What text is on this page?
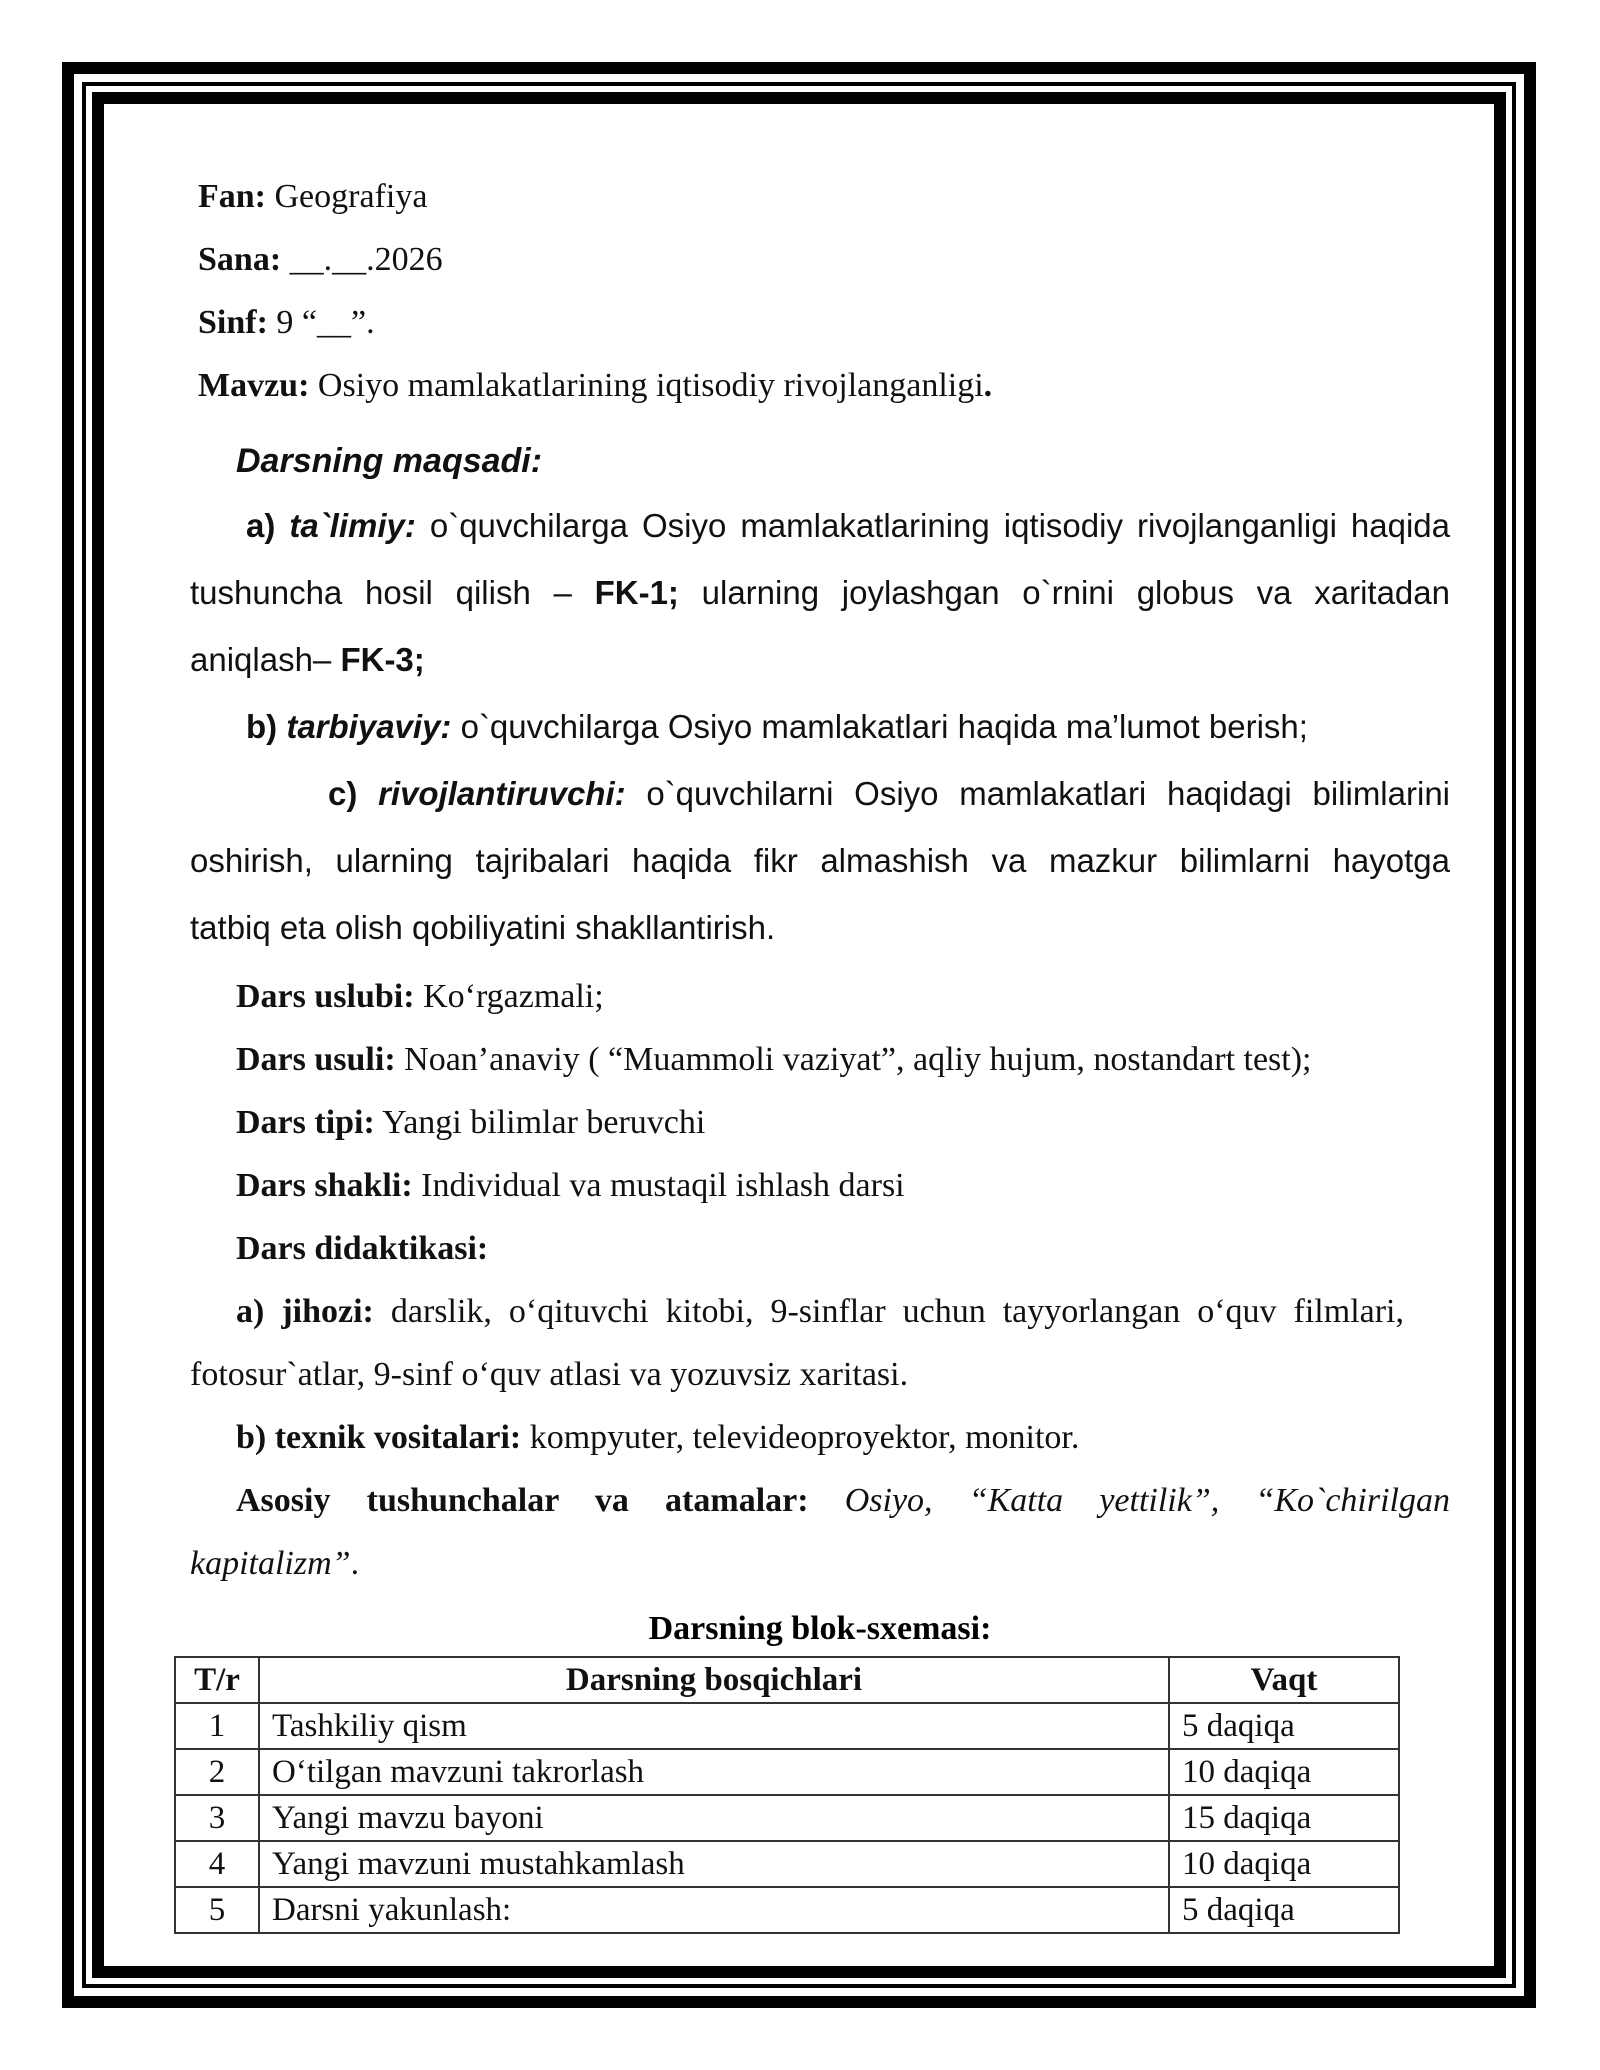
Fan: Geografiya
Sana: __.__.2026
Sinf: 9 “__”.
Mavzu: Osiyo mamlakatlarining iqtisodiy rivojlanganligi.
Darsning maqsadi:
a) ta`limiy: o`quvchilarga Osiyo mamlakatlarining iqtisodiy rivojlanganligi haqida
tushuncha hosil qilish – FK-1; ularning joylashgan o`rnini globus va xaritadan
aniqlash– FK-3;
b) tarbiyaviy: o`quvchilarga Osiyo mamlakatlari haqida ma’lumot berish;
c) rivojlantiruvchi: o`quvchilarni Osiyo mamlakatlari haqidagi bilimlarini
oshirish, ularning tajribalari haqida fikr almashish va mazkur bilimlarni hayotga
tatbiq eta olish qobiliyatini shakllantirish.
Dars uslubi: Ko‘rgazmali;
Dars usuli: Noan’anaviy ( “Muammoli vaziyat”, aqliy hujum, nostandart test);
Dars tipi: Yangi bilimlar beruvchi
Dars shakli: Individual va mustaqil ishlash darsi
Dars didaktikasi:
a) jihozi: darslik, o‘qituvchi kitobi, 9-sinflar uchun tayyorlangan o‘quv filmlari,
fotosur`atlar, 9-sinf o‘quv atlasi va yozuvsiz xaritasi.
b) texnik vositalari: kompyuter, televideoproyektor, monitor.
Asosiy tushunchalar va atamalar: Osiyo, “Katta yettilik”, “Ko`chirilgan
kapitalizm”.
Darsning blok-sxemasi:
T/r	Darsning bosqichlari	Vaqt
1	Tashkiliy qism	5 daqiqa
2	O‘tilgan mavzuni takrorlash	10 daqiqa
3	Yangi mavzu bayoni	15 daqiqa
4	Yangi mavzuni mustahkamlash	10 daqiqa
5	Darsni yakunlash:	5 daqiqa
